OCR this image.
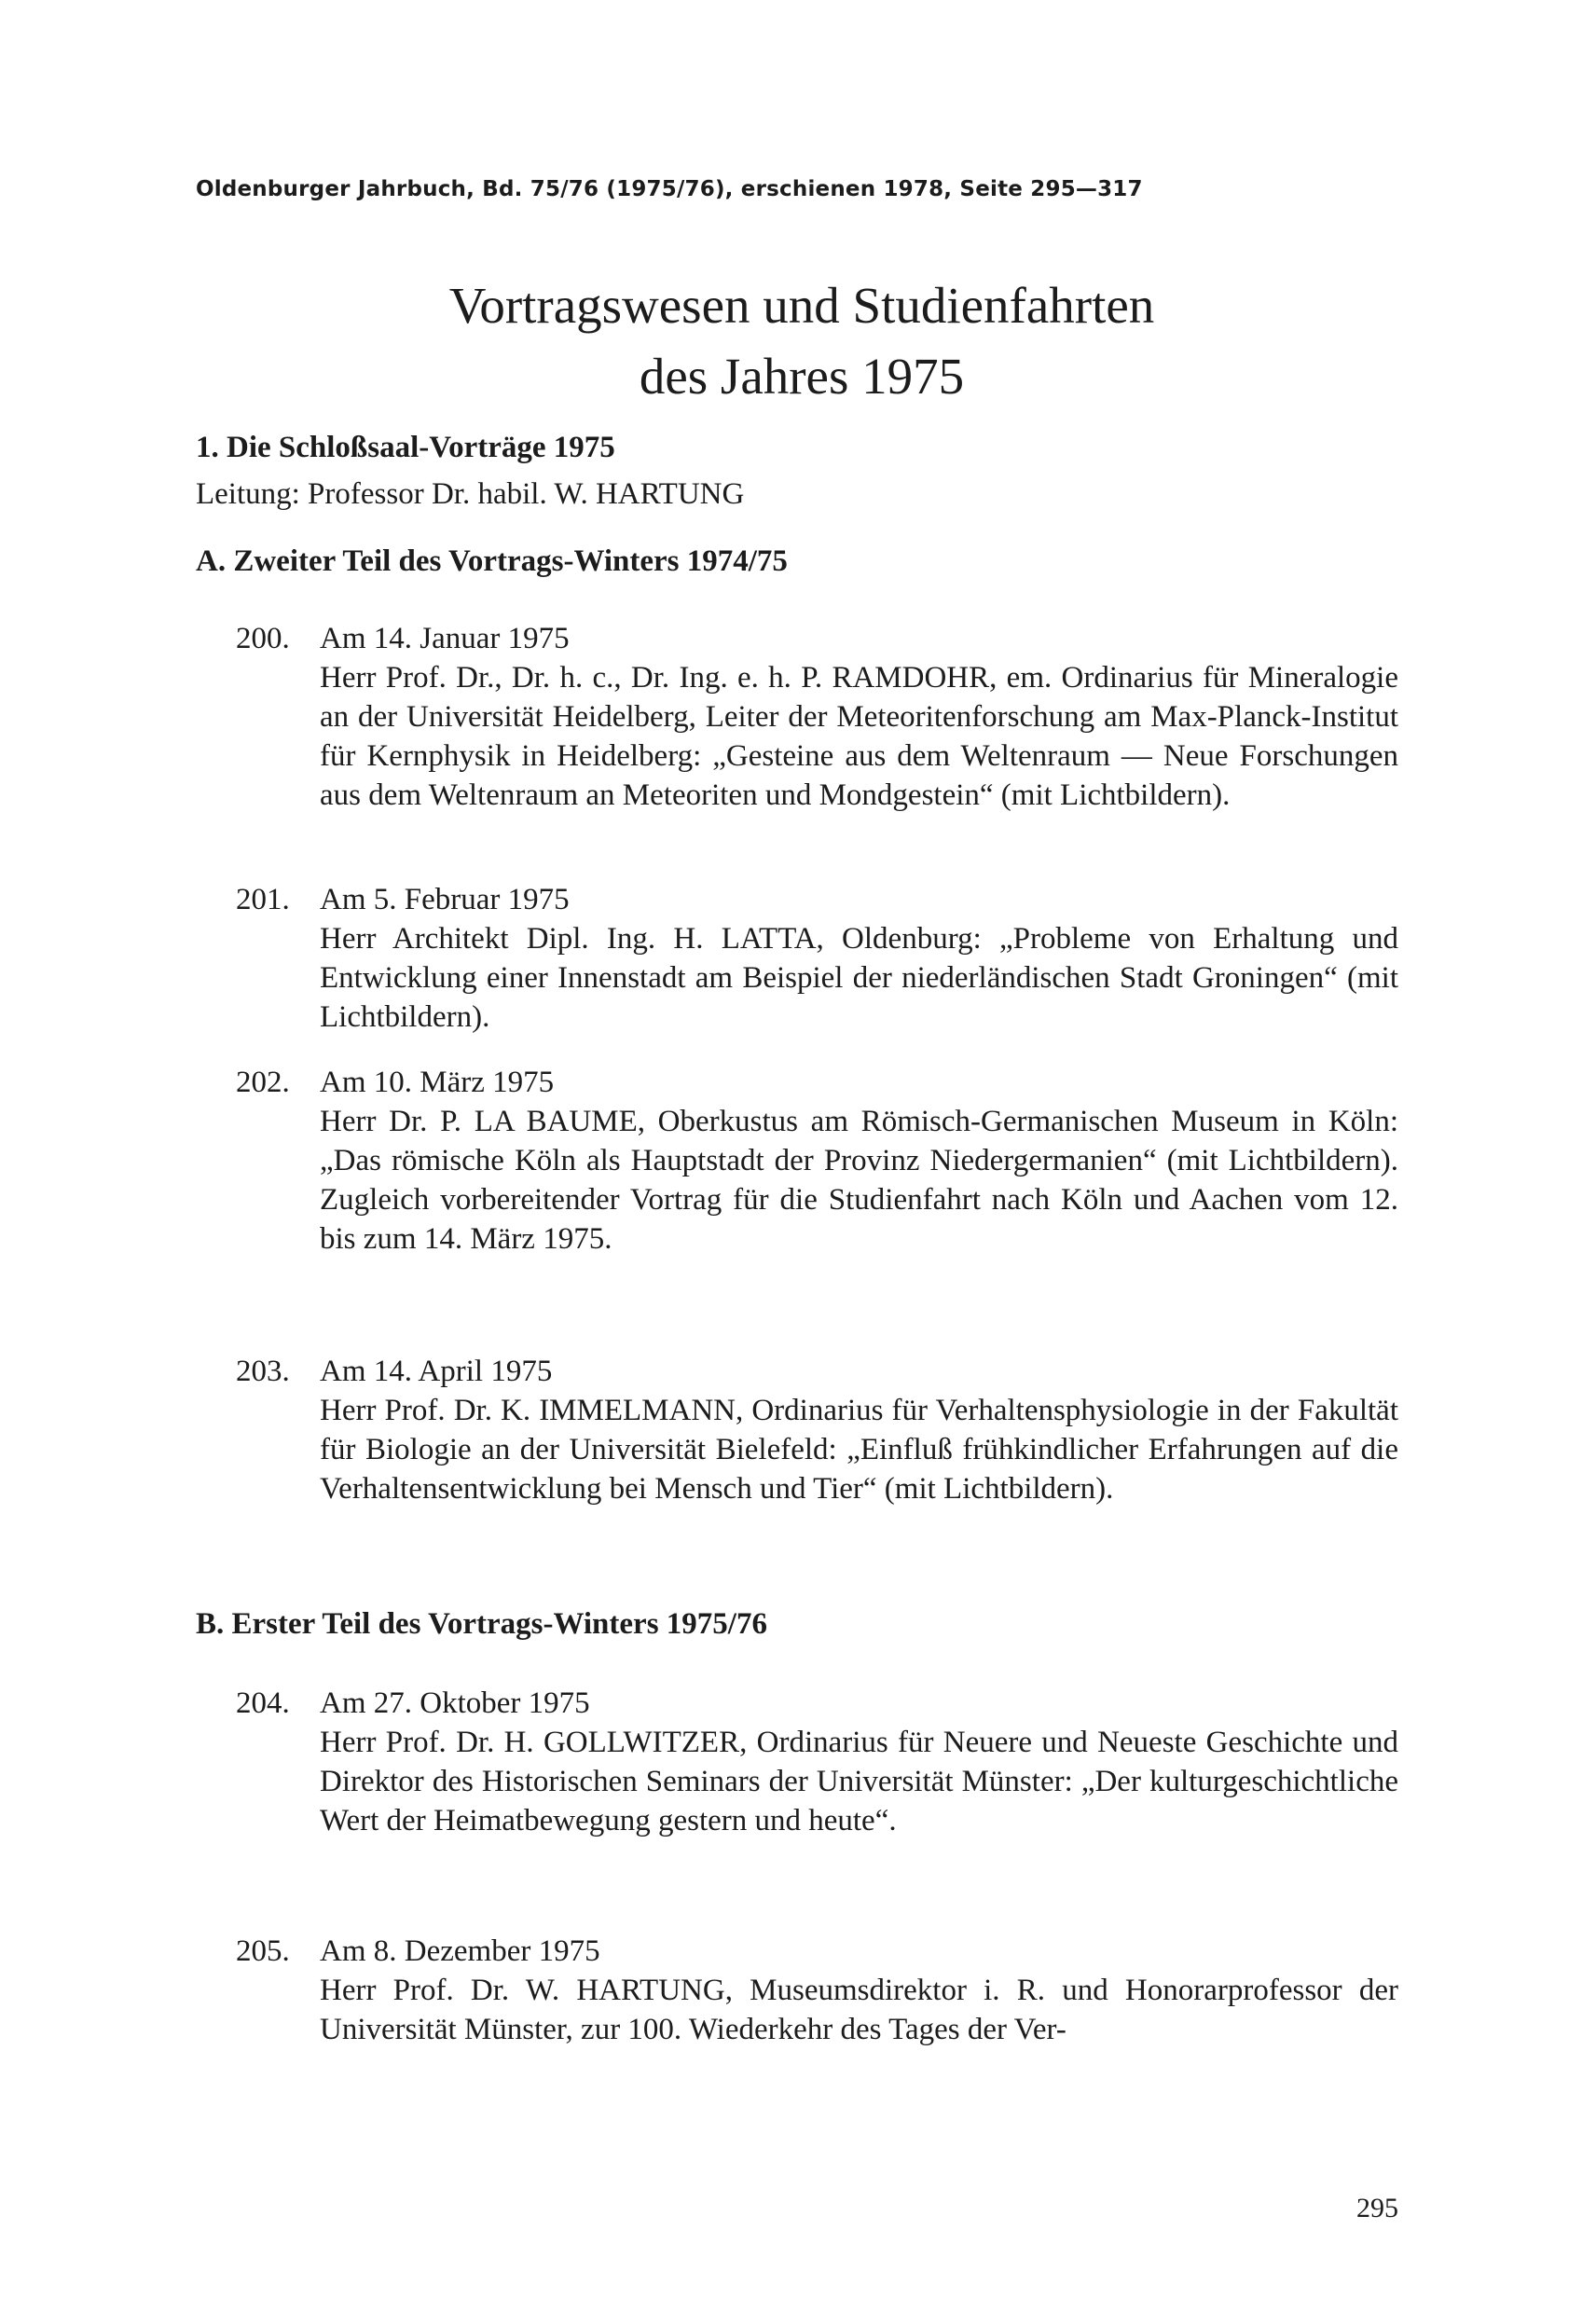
Oldenburger Jahrbuch, Bd. 75/76 (1975/76), erschienen 1978, Seite 295—317
Vortragswesen und Studienfahrten
des Jahres 1975
1. Die Schloßsaal-Vorträge 1975
Leitung: Professor Dr. habil. W. HARTUNG
A. Zweiter Teil des Vortrags-Winters 1974/75
200. Am 14. Januar 1975
Herr Prof. Dr., Dr. h. c., Dr. Ing. e. h. P. RAMDOHR, em. Ordinarius für Mineralogie an der Universität Heidelberg, Leiter der Meteoritenforschung am Max-Planck-Institut für Kernphysik in Heidelberg: „Gesteine aus dem Weltenraum — Neue Forschungen aus dem Weltenraum an Meteoriten und Mondgestein“ (mit Lichtbildern).
201. Am 5. Februar 1975
Herr Architekt Dipl. Ing. H. LATTA, Oldenburg: „Probleme von Erhaltung und Entwicklung einer Innenstadt am Beispiel der niederländischen Stadt Groningen“ (mit Lichtbildern).
202. Am 10. März 1975
Herr Dr. P. LA BAUME, Oberkustus am Römisch-Germanischen Museum in Köln: „Das römische Köln als Hauptstadt der Provinz Niedergermanien“ (mit Lichtbildern). Zugleich vorbereitender Vortrag für die Studienfahrt nach Köln und Aachen vom 12. bis zum 14. März 1975.
203. Am 14. April 1975
Herr Prof. Dr. K. IMMELMANN, Ordinarius für Verhaltensphysiologie in der Fakultät für Biologie an der Universität Bielefeld: „Einfluß frühkindlicher Erfahrungen auf die Verhaltensentwicklung bei Mensch und Tier“ (mit Lichtbildern).
B. Erster Teil des Vortrags-Winters 1975/76
204. Am 27. Oktober 1975
Herr Prof. Dr. H. GOLLWITZER, Ordinarius für Neuere und Neueste Geschichte und Direktor des Historischen Seminars der Universität Münster: „Der kulturgeschichtliche Wert der Heimatbewegung gestern und heute“.
205. Am 8. Dezember 1975
Herr Prof. Dr. W. HARTUNG, Museumsdirektor i. R. und Honorarprofessor der Universität Münster, zur 100. Wiederkehr des Tages der Ver-
295
